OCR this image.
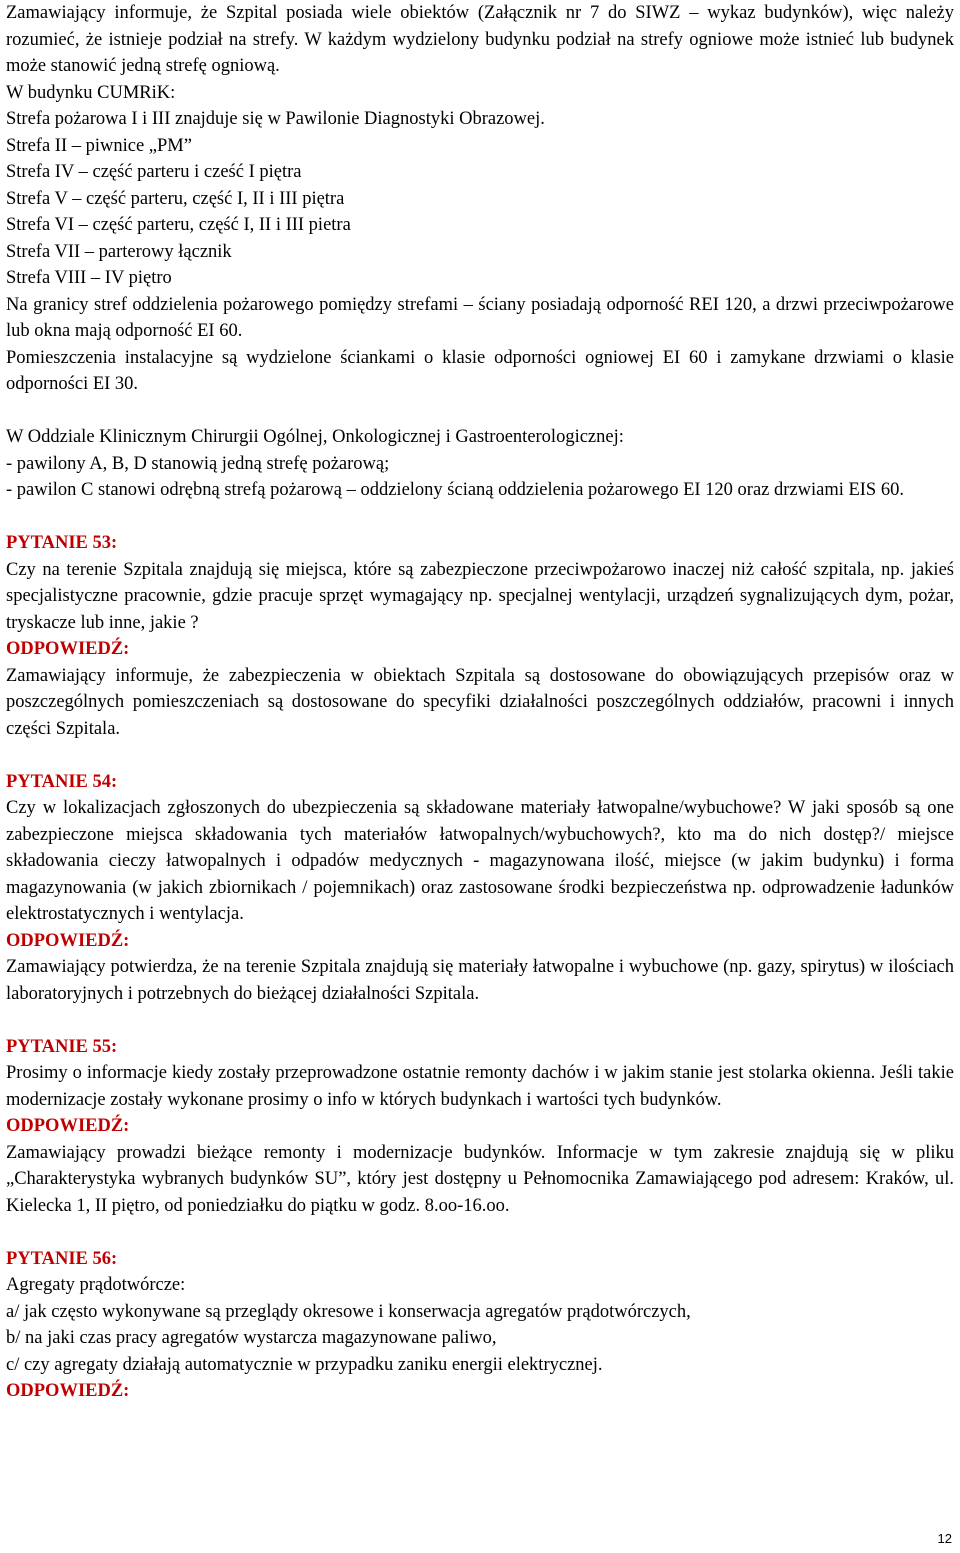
Zamawiający informuje, że Szpital posiada wiele obiektów (Załącznik nr 7 do SIWZ – wykaz budynków), więc należy rozumieć, że istnieje podział na strefy. W każdym wydzielony budynku podział na strefy ogniowe może istnieć lub budynek może stanowić jedną strefę ogniową.

W budynku CUMRiK:
Strefa pożarowa I i III znajduje się w Pawilonie Diagnostyki Obrazowej.
Strefa II – piwnice „PM”
Strefa IV – część parteru i cześć I piętra
Strefa V – część parteru, część I, II i III piętra
Strefa VI – część parteru, część I, II i III pietra
Strefa VII – parterowy łącznik
Strefa VIII – IV piętro

Na granicy stref oddzielenia pożarowego pomiędzy strefami – ściany posiadają odporność REI 120, a drzwi przeciwpożarowe lub okna mają odporność EI 60.

Pomieszczenia instalacyjne są wydzielone ściankami o klasie odporności ogniowej EI 60 i zamykane drzwiami o klasie odporności EI 30.

W Oddziale Klinicznym Chirurgii Ogólnej, Onkologicznej i Gastroenterologicznej:
- pawilony A, B, D stanowią jedną strefę pożarową;

- pawilon C stanowi odrębną strefą pożarową – oddzielony ścianą oddzielenia pożarowego EI 120 oraz drzwiami EIS 60.

PYTANIE 53:

Czy na terenie Szpitala znajdują się miejsca, które są zabezpieczone przeciwpożarowo inaczej niż całość szpitala, np. jakieś specjalistyczne pracownie, gdzie pracuje sprzęt wymagający np. specjalnej wentylacji, urządzeń sygnalizujących dym, pożar, tryskacze lub inne, jakie ?

ODPOWIEDŹ:

Zamawiający informuje, że zabezpieczenia w obiektach Szpitala są dostosowane do obowiązujących przepisów oraz w poszczególnych pomieszczeniach są dostosowane do specyfiki działalności poszczególnych oddziałów, pracowni i innych części Szpitala.

PYTANIE 54:

Czy w lokalizacjach zgłoszonych do ubezpieczenia są składowane materiały łatwopalne/wybuchowe? W jaki sposób są one zabezpieczone miejsca składowania tych materiałów łatwopalnych/wybuchowych?, kto ma do nich dostęp?/ miejsce składowania cieczy łatwopalnych i odpadów medycznych - magazynowana ilość, miejsce (w jakim budynku) i forma magazynowania (w jakich zbiornikach / pojemnikach) oraz zastosowane środki bezpieczeństwa np. odprowadzenie ładunków elektrostatycznych i wentylacja.

ODPOWIEDŹ:

Zamawiający potwierdza, że na terenie Szpitala znajdują się materiały łatwopalne i wybuchowe (np. gazy, spirytus) w ilościach laboratoryjnych i potrzebnych do bieżącej działalności Szpitala.

PYTANIE 55:

Prosimy o informacje kiedy zostały przeprowadzone ostatnie remonty dachów i w jakim stanie jest stolarka okienna. Jeśli takie modernizacje zostały wykonane prosimy o info w których budynkach i wartości tych budynków.

ODPOWIEDŹ:

Zamawiający prowadzi bieżące remonty i modernizacje budynków. Informacje w tym zakresie znajdują się w pliku „Charakterystyka wybranych budynków SU”, który jest dostępny u Pełnomocnika Zamawiającego pod adresem: Kraków, ul. Kielecka 1, II piętro, od poniedziałku do piątku w godz. 8.oo-16.oo.

PYTANIE 56:
Agregaty prądotwórcze:
a/ jak często wykonywane są przeglądy okresowe i konserwacja agregatów prądotwórczych,
b/ na jaki czas pracy agregatów wystarcza magazynowane paliwo,
c/ czy agregaty działają automatycznie w przypadku zaniku energii elektrycznej.
ODPOWIEDŹ:
12
